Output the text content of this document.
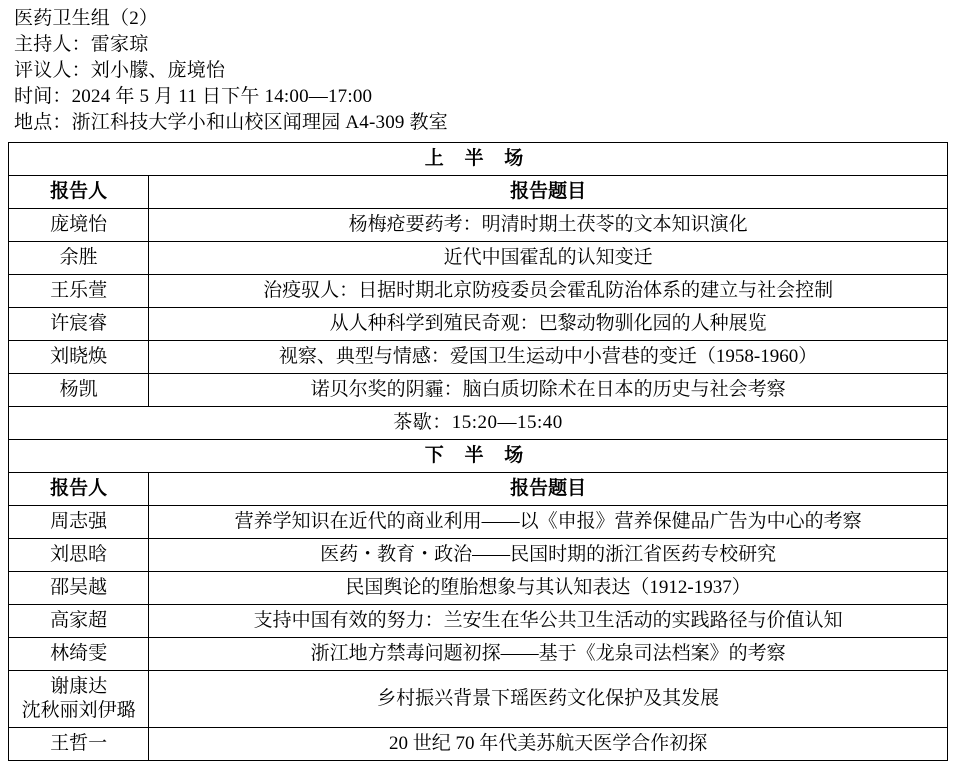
医药卫生组（2）
主持人：雷家琼
评议人：刘小朦、庞境怡
时间：2024 年 5 月 11 日下午 14:00—17:00
地点：浙江科技大学小和山校区闻理园 A4-309 教室
上 半 场	
报告人	报告题目
庞境怡	杨梅疮要药考：明清时期土茯苓的文本知识演化
余胜	近代中国霍乱的认知变迁
王乐萱	治疫驭人：日据时期北京防疫委员会霍乱防治体系的建立与社会控制
许宸睿	从人种科学到殖民奇观：巴黎动物驯化园的人种展览
刘晓焕	视察、典型与情感：爱国卫生运动中小营巷的变迁（1958-1960）
杨凯	诺贝尔奖的阴霾：脑白质切除术在日本的历史与社会考察
茶歇：15:20—15:40	
下 半 场	
报告人	报告题目
周志强	营养学知识在近代的商业利用——以《申报》营养保健品广告为中心的考察
刘思晗	医药・教育・政治——民国时期的浙江省医药专校研究
邵吴越	民国舆论的堕胎想象与其认知表达（1912-1937）
高家超	支持中国有效的努力：兰安生在华公共卫生活动的实践路径与价值认知
林绮雯	浙江地方禁毒问题初探——基于《龙泉司法档案》的考察
谢康达
沈秋丽刘伊璐	乡村振兴背景下瑶医药文化保护及其发展
王哲一	20 世纪 70 年代美苏航天医学合作初探
